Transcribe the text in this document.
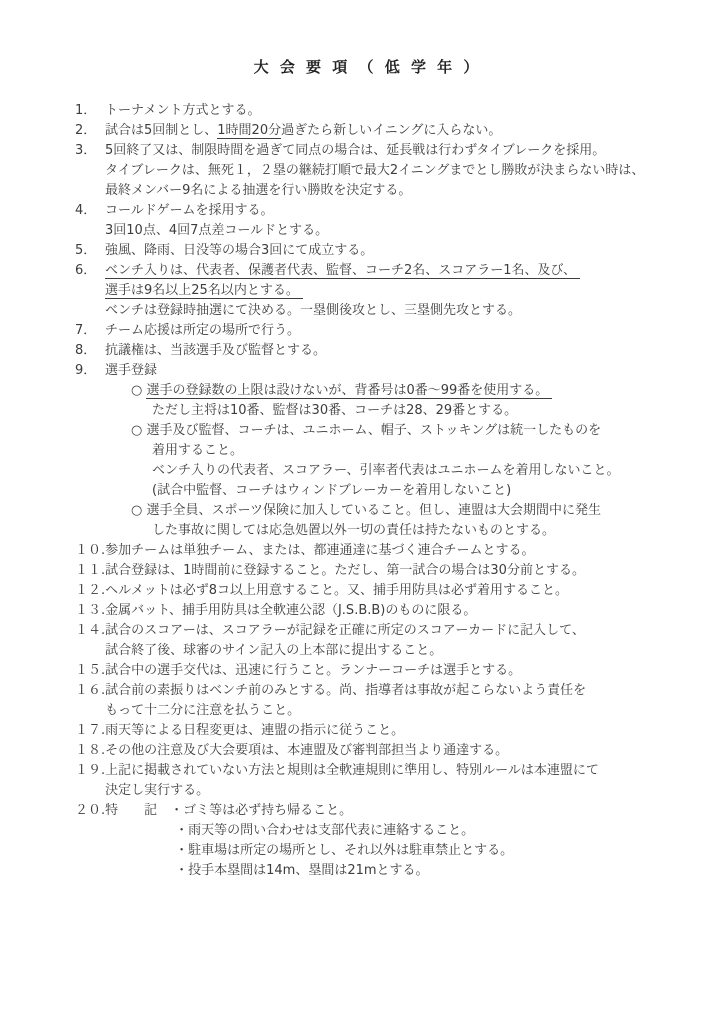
大 会 要 項 （ 低 学 年 ）
1． トーナメント方式とする。
2． 試合は5回制とし、1時間20分過ぎたら新しいイニングに入らない。
3． 5回終了又は、制限時間を過ぎて同点の場合は、延長戦は行わずタイブレークを採用。
タイブレークは、無死１，２塁の継続打順で最大2イニングまでとし勝敗が決まらない時は、
最終メンバー9名による抽選を行い勝敗を決定する。
4． コールドゲームを採用する。
3回10点、4回7点差コールドとする。
5． 強風、降雨、日没等の場合3回にて成立する。
6． ベンチ入りは、代表者、保護者代表、監督、コーチ2名、スコアラー1名、及び、
選手は9名以上25名以内とする。
ベンチは登録時抽選にて決める。一塁側後攻とし、三塁側先攻とする。
7． チーム応援は所定の場所で行う。
8． 抗議権は、当該選手及び監督とする。
9． 選手登録
○ 選手の登録数の上限は設けないが、背番号は0番～99番を使用する。
ただし主将は10番、監督は30番、コーチは28、29番とする。
○ 選手及び監督、コーチは、ユニホーム、帽子、ストッキングは統一したものを
着用すること。
ベンチ入りの代表者、スコアラー、引率者代表はユニホームを着用しないこと。
(試合中監督、コーチはウィンドブレーカーを着用しないこと)
○ 選手全員、スポーツ保険に加入していること。但し、連盟は大会期間中に発生
した事故に関しては応急処置以外一切の責任は持たないものとする。
１０. 参加チームは単独チーム、または、都連通達に基づく連合チームとする。
１１. 試合登録は、1時間前に登録すること。ただし、第一試合の場合は30分前とする。
１２. ヘルメットは必ず8コ以上用意すること。又、捕手用防具は必ず着用すること。
１３. 金属バット、捕手用防具は全軟連公認（J.S.B.B)のものに限る。
１４. 試合のスコアーは、スコアラーが記録を正確に所定のスコアーカードに記入して、
試合終了後、球審のサイン記入の上本部に提出すること。
１５. 試合中の選手交代は、迅速に行うこと。ランナーコーチは選手とする。
１６. 試合前の素振りはベンチ前のみとする。尚、指導者は事故が起こらないよう責任を
もって十二分に注意を払うこと。
１７. 雨天等による日程変更は、連盟の指示に従うこと。
１８. その他の注意及び大会要項は、本連盟及び審判部担当より通達する。
１９. 上記に掲載されていない方法と規則は全軟連規則に準用し、特別ルールは本連盟にて
決定し実行する。
２０. 特　　記　・ゴミ等は必ず持ち帰ること。
・雨天等の問い合わせは支部代表に連絡すること。
・駐車場は所定の場所とし、それ以外は駐車禁止とする。
・投手本塁間は14m、塁間は21mとする。
